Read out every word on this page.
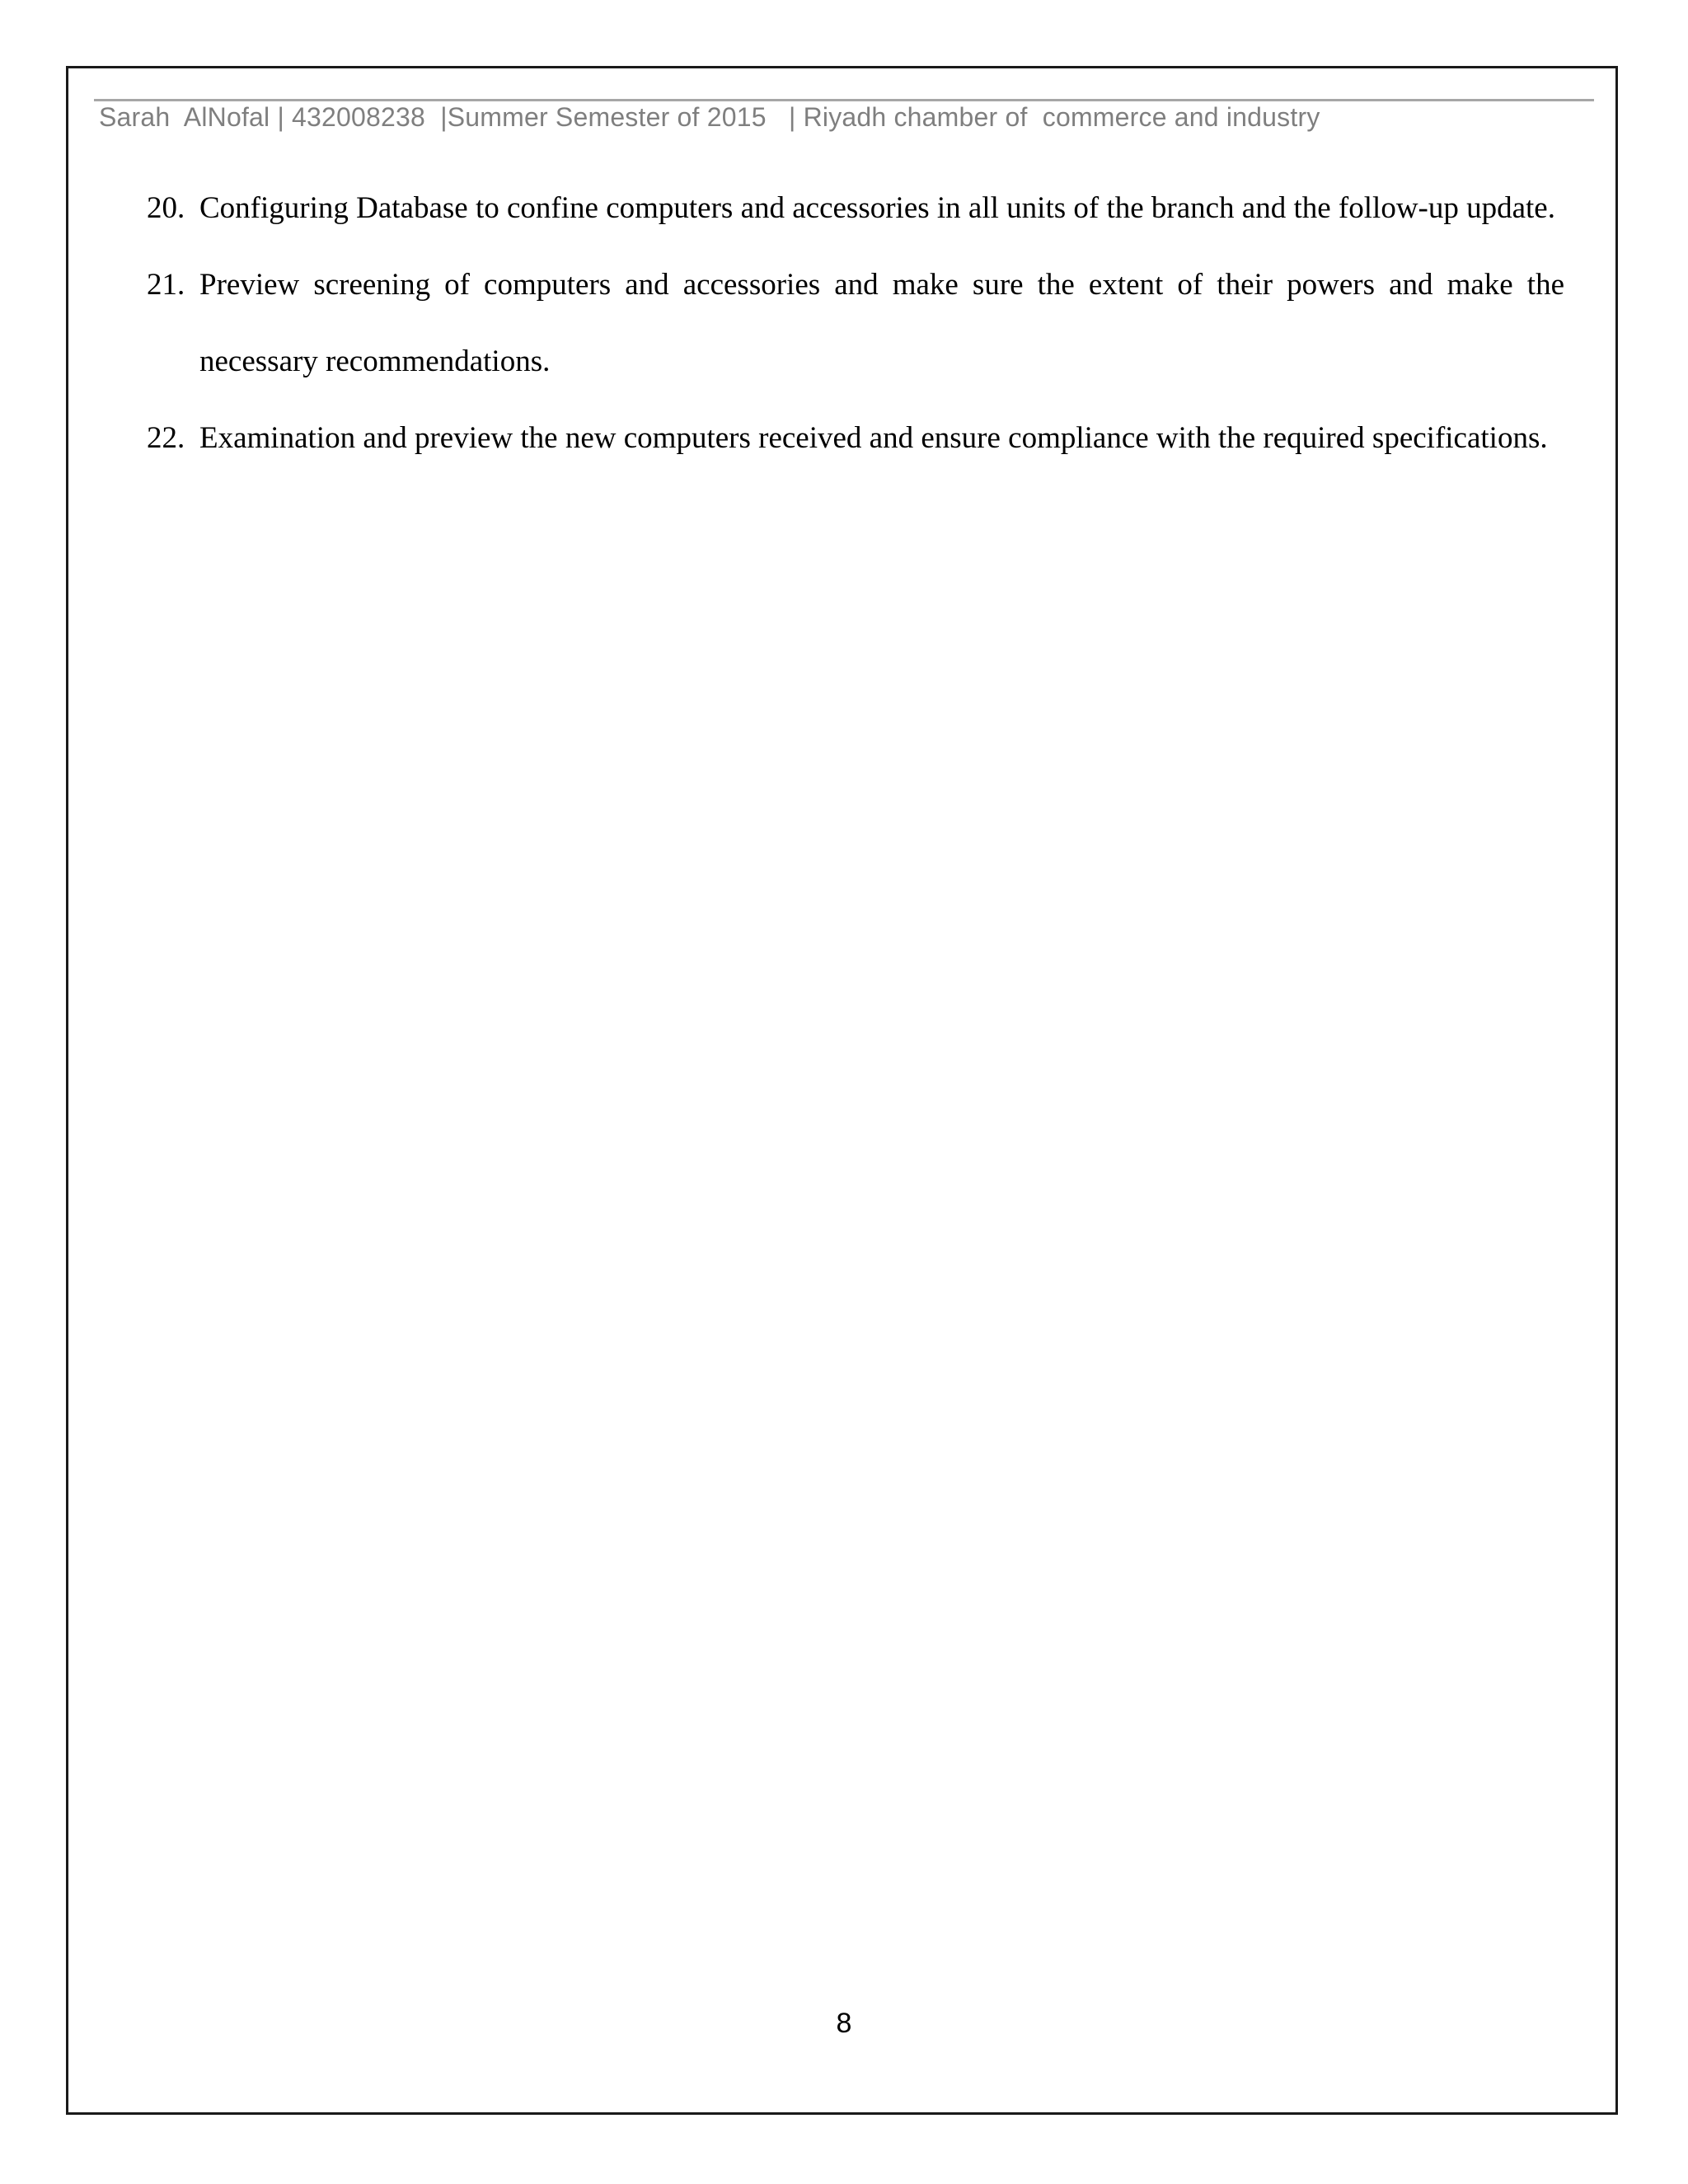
Sarah  AlNofal | 432008238  |Summer Semester of 2015   | Riyadh chamber of  commerce and industry
20. Configuring Database to confine computers and accessories in all units of the branch and the follow-up update.
21. Preview screening of computers and accessories and make sure the extent of their powers and make the necessary recommendations.
22. Examination and preview the new computers received and ensure compliance with the required specifications.
8
